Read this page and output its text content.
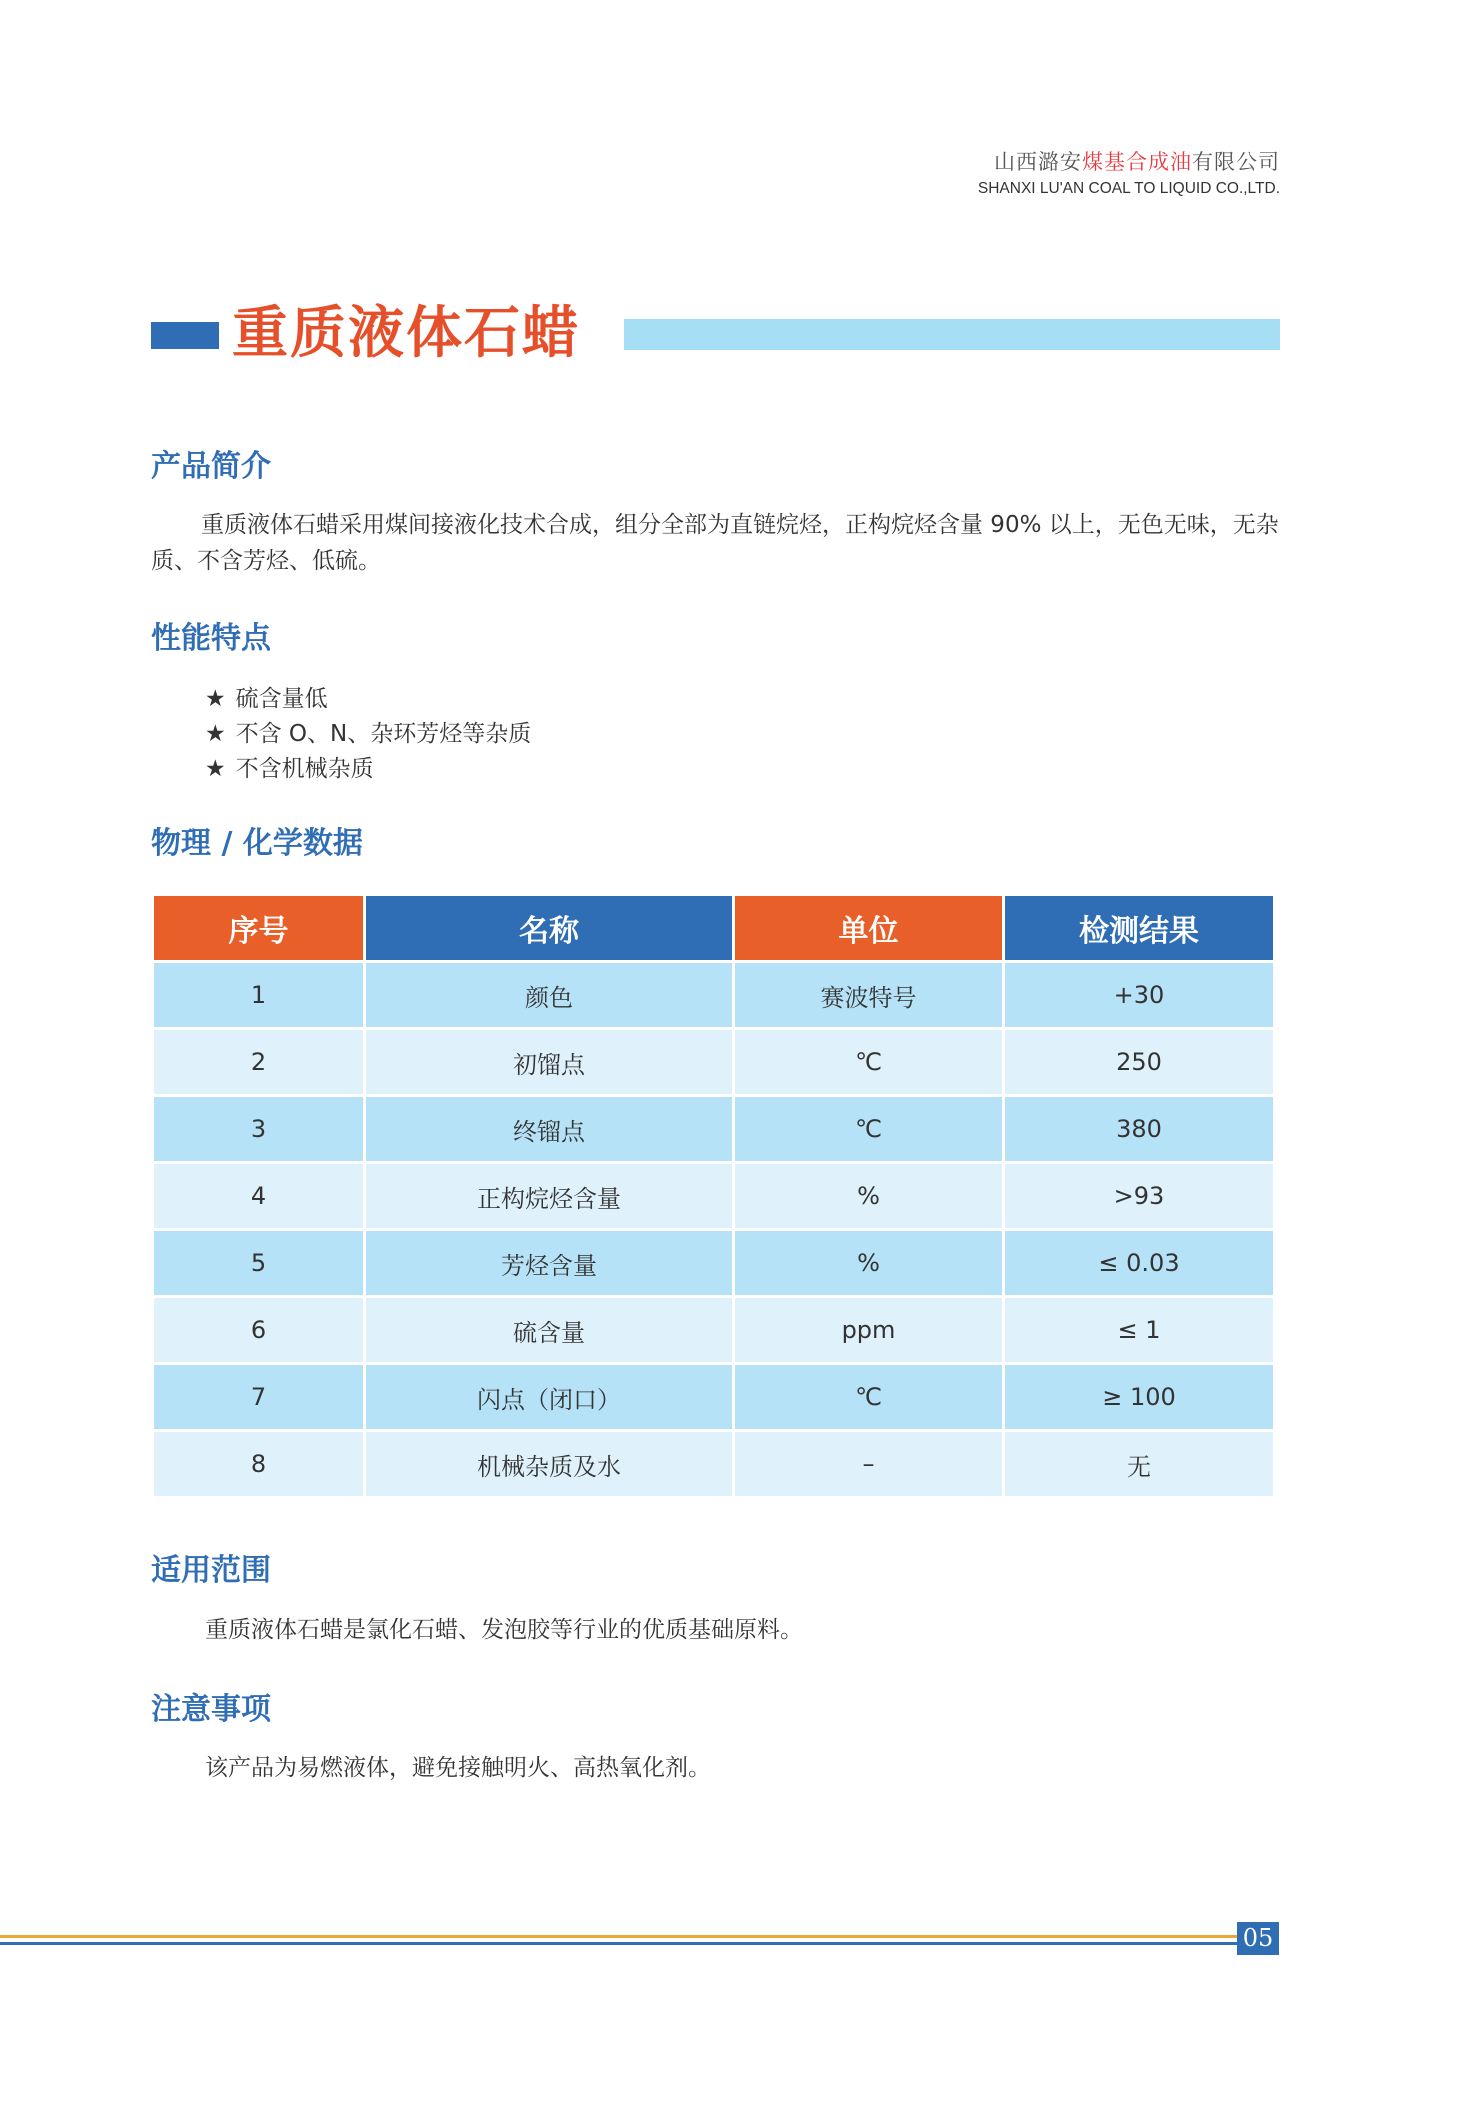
山西潞安煤基合成油有限公司
SHANXI LU'AN COAL TO LIQUID CO.,LTD.
重质液体石蜡
产品简介

重质液体石蜡采用煤间接液化技术合成，组分全部为直链烷烃，正构烷烃含量 90% 以上，无色无味，无杂质、不含芳烃、低硫。

性能特点
★ 硫含量低
★ 不含 O、N、杂环芳烃等杂质
★ 不含机械杂质
物理 / 化学数据
序号	名称	单位	检测结果
1	颜色	赛波特号	+30
2	初馏点	℃	250
3	终镏点	℃	380
4	正构烷烃含量	%	>93
5	芳烃含量	%	≤ 0.03
6	硫含量	ppm	≤ 1
7	闪点（闭口）	℃	≥ 100
8	机械杂质及水	–	无
适用范围

重质液体石蜡是氯化石蜡、发泡胶等行业的优质基础原料。

注意事项

该产品为易燃液体，避免接触明火、高热氧化剂。

05
